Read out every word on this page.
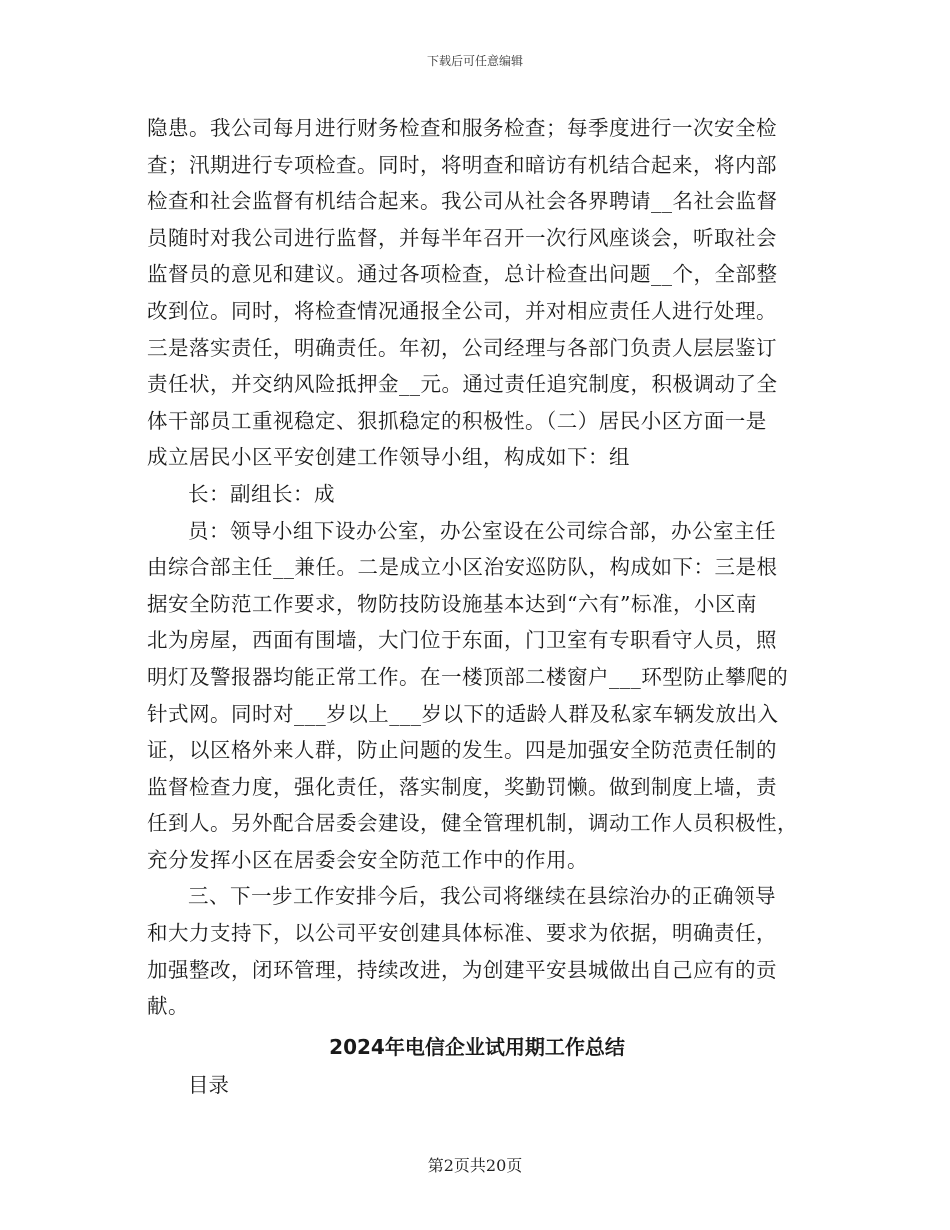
下载后可任意编辑
隐患。我公司每月进行财务检查和服务检查；每季度进行一次安全检
查；汛期进行专项检查。同时，将明查和暗访有机结合起来，将内部
检查和社会监督有机结合起来。我公司从社会各界聘请__名社会监督
员随时对我公司进行监督，并每半年召开一次行风座谈会，听取社会
监督员的意见和建议。通过各项检查，总计检查出问题__个，全部整
改到位。同时，将检查情况通报全公司，并对相应责任人进行处理。
三是落实责任，明确责任。年初，公司经理与各部门负责人层层鉴订
责任状，并交纳风险抵押金__元。通过责任追究制度，积极调动了全
体干部员工重视稳定、狠抓稳定的积极性。（二）居民小区方面一是
成立居民小区平安创建工作领导小组，构成如下：组
长：副组长：成
员：领导小组下设办公室，办公室设在公司综合部，办公室主任
由综合部主任__兼任。二是成立小区治安巡防队，构成如下：三是根
据安全防范工作要求，物防技防设施基本达到“六有”标准，小区南
北为房屋，西面有围墙，大门位于东面，门卫室有专职看守人员，照
明灯及警报器均能正常工作。在一楼顶部二楼窗户___环型防止攀爬的
针式网。同时对___岁以上___岁以下的适龄人群及私家车辆发放出入
证，以区格外来人群，防止问题的发生。四是加强安全防范责任制的
监督检查力度，强化责任，落实制度，奖勤罚懒。做到制度上墙，责
任到人。另外配合居委会建设，健全管理机制，调动工作人员积极性，
充分发挥小区在居委会安全防范工作中的作用。
三、下一步工作安排今后，我公司将继续在县综治办的正确领导
和大力支持下，以公司平安创建具体标准、要求为依据，明确责任，
加强整改，闭环管理，持续改进，为创建平安县城做出自己应有的贡
献。
2024年电信企业试用期工作总结
目录
第2页共20页
